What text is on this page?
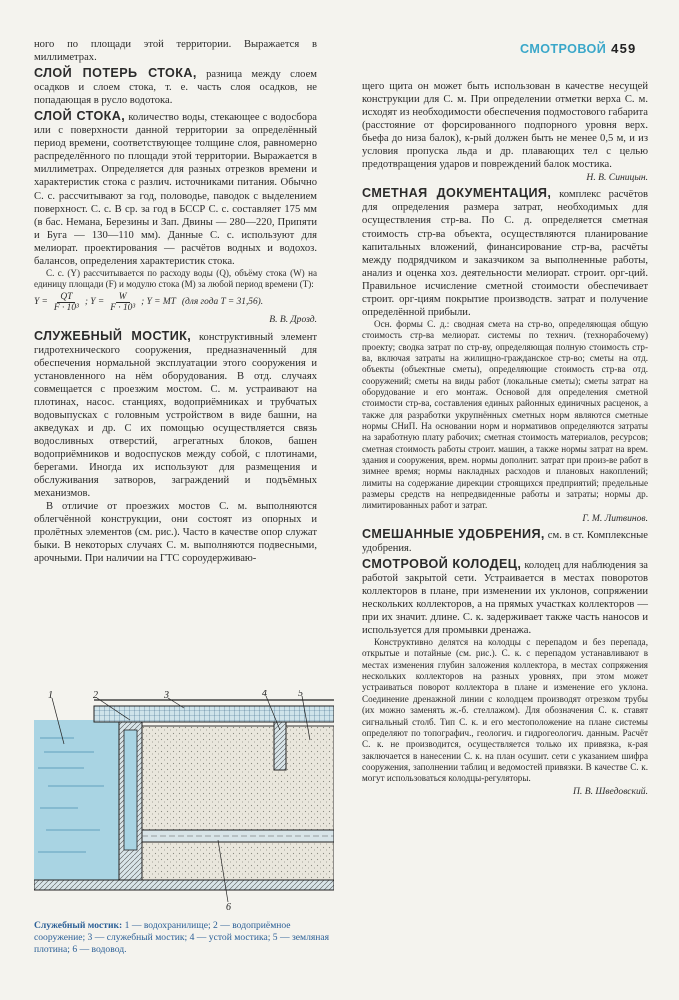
СМОТРОВОЙ 459

ного по площади этой территории. Выражается в миллиметрах.

СЛОЙ ПОТЕРЬ СТОКА, разница между слоем осадков и слоем стока, т. е. часть слоя осадков, не попадающая в русло водотока.
СЛОЙ СТОКА, количество воды, стекающее с водосбора или с поверхности данной территории за определённый период времени, соответствующее толщине слоя, равномерно распределённого по площади этой территории. Выражается в миллиметрах. Определяется для разных отрезков времени и характеристик стока с различ. источниками питания. Обычно С. с. рассчитывают за год, половодье, паводок с выделением поверхност. С. с. В ср. за год в БССР С. с. составляет 175 мм (в бас. Немана, Березины и Зап. Двины — 280—220, Припяти и Буга — 130—110 мм). Данные С. с. используют для мелиорат. проектирования — расчётов водных и водохоз. балансов, определения характеристик стока.

С. с. (Y) рассчитывается по расходу воды (Q), объёму стока (W) на единицу площади (F) и модулю стока (M) за любой период времени (T):

$Y = \frac{QT}{\text{F · 10³}}$ ; $Y = \frac{W}{\text{F · 10³}}$ ; Y = MT (для года T = 31,56).

В. В. Дрозд.

СЛУЖЕБНЫЙ МОСТИК, конструктивный элемент гидротехнического сооружения, предназначенный для обеспечения нормальной эксплуатации этого сооружения и установленного на нём оборудования. В отд. случаях совмещается с проезжим мостом. С. м. устраивают на плотинах, насос. станциях, водоприёмниках и трубчатых водовыпусках с головным устройством в виде башни, на акведуках и др. С их помощью осуществляется связь водосливных отверстий, агрегатных блоков, башен водоприёмников и водоспусков между собой, с плотинами, берегами. Иногда их используют для размещения и обслуживания затворов, заграждений и подъёмных механизмов.

В отличие от проезжих мостов С. м. выполняются облегчённой конструкции, они состоят из опорных и пролётных элементов (см. рис.). Часто в качестве опор служат быки. В некоторых случаях С. м. выполняются подвесными, арочными. При наличии на ГТС сороудерживаю-

1	2	3	4	5
6
Служебный мостик: 1 — водохранилище; 2 — водоприёмное сооружение; 3 — служебный мостик; 4 — устой мостика; 5 — земляная плотина; 6 — водовод.

щего щита он может быть использован в качестве несущей конструкции для С. м. При определении отметки верха С. м. исходят из необходимости обеспечения подмостового габарита (расстояние от форсированного подпорного уровня верх. бьефа до низа балок), к-рый должен быть не менее 0,5 м, и из условия пропуска льда и др. плавающих тел с целью предотвращения ударов и повреждений балок мостика.

Н. В. Синицын.

СМЕТНАЯ ДОКУМЕНТАЦИЯ, комплекс расчётов для определения размера затрат, необходимых для осуществления стр-ва. По С. д. определяется сметная стоимость стр-ва объекта, осуществляются планирование капитальных вложений, финансирование стр-ва, расчёты между подрядчиком и заказчиком за выполненные работы, анализ и оценка хоз. деятельности мелиорат. строит. орг-ций. Правильное исчисление сметной стоимости обеспечивает строит. орг-циям покрытие производств. затрат и получение определённой прибыли.

Осн. формы С. д.: сводная смета на стр-во, определяющая общую стоимость стр-ва мелиорат. системы по технич. (технорабочему) проекту; сводка затрат по стр-ву, определяющая полную стоимость стр-ва, включая затраты на жилищно-гражданское стр-во; сметы на отд. объекты (объектные сметы), определяющие стоимость стр-ва отд. сооружений; сметы на виды работ (локальные сметы); сметы затрат на оборудование и его монтаж. Основой для определения сметной стоимости стр-ва, составления единых районных единичных расценок, а также для разработки укрупнённых сметных норм являются сметные нормы СНиП. На основании норм и нормативов определяются затраты на заработную плату рабочих; сметная стоимость материалов, ресурсов; сметная стоимость работы строит. машин, а также нормы затрат на врем. здания и сооружения, врем. нормы дополнит. затрат при произ-ве работ в зимнее время; нормы накладных расходов и плановых накоплений; лимиты на содержание дирекции строящихся предприятий; предельные размеры средств на непредвиденные работы и затраты; нормы др. лимитированных работ и затрат.

Г. М. Литвинов.

СМЕШАННЫЕ УДОБРЕНИЯ, см. в ст. Комплексные удобрения.
СМОТРОВОЙ КОЛОДЕЦ, колодец для наблюдения за работой закрытой сети. Устраивается в местах поворотов коллекторов в плане, при изменении их уклонов, сопряжении нескольких коллекторов, а на прямых участках коллекторов — при их значит. длине. С. к. задерживает также часть наносов и используется для промывки дренажа.

Конструктивно делятся на колодцы с перепадом и без перепада, открытые и потайные (см. рис.). С. к. с перепадом устанавливают в местах изменения глубин заложения коллектора, в местах сопряжения нескольких коллекторов на разных уровнях, при этом может устраиваться поворот коллектора в плане и изменение его уклона. Соединение дренажной линии с колодцем производят отрезком трубы (их можно заменять ж.-б. стеллажом). Для обозначения С. к. ставят сигнальный столб. Тип С. к. и его местоположение на плане системы определяют по топографич., геологич. и гидрогеологич. данным. Расчёт С. к. не производится, осуществляется только их привязка, к-рая заключается в нанесении С. к. на план осушит. сети с указанием шифра сооружения, заполнении таблиц и ведомостей привязки. В качестве С. к. могут использоваться колодцы-регуляторы.

П. В. Шведовский.
